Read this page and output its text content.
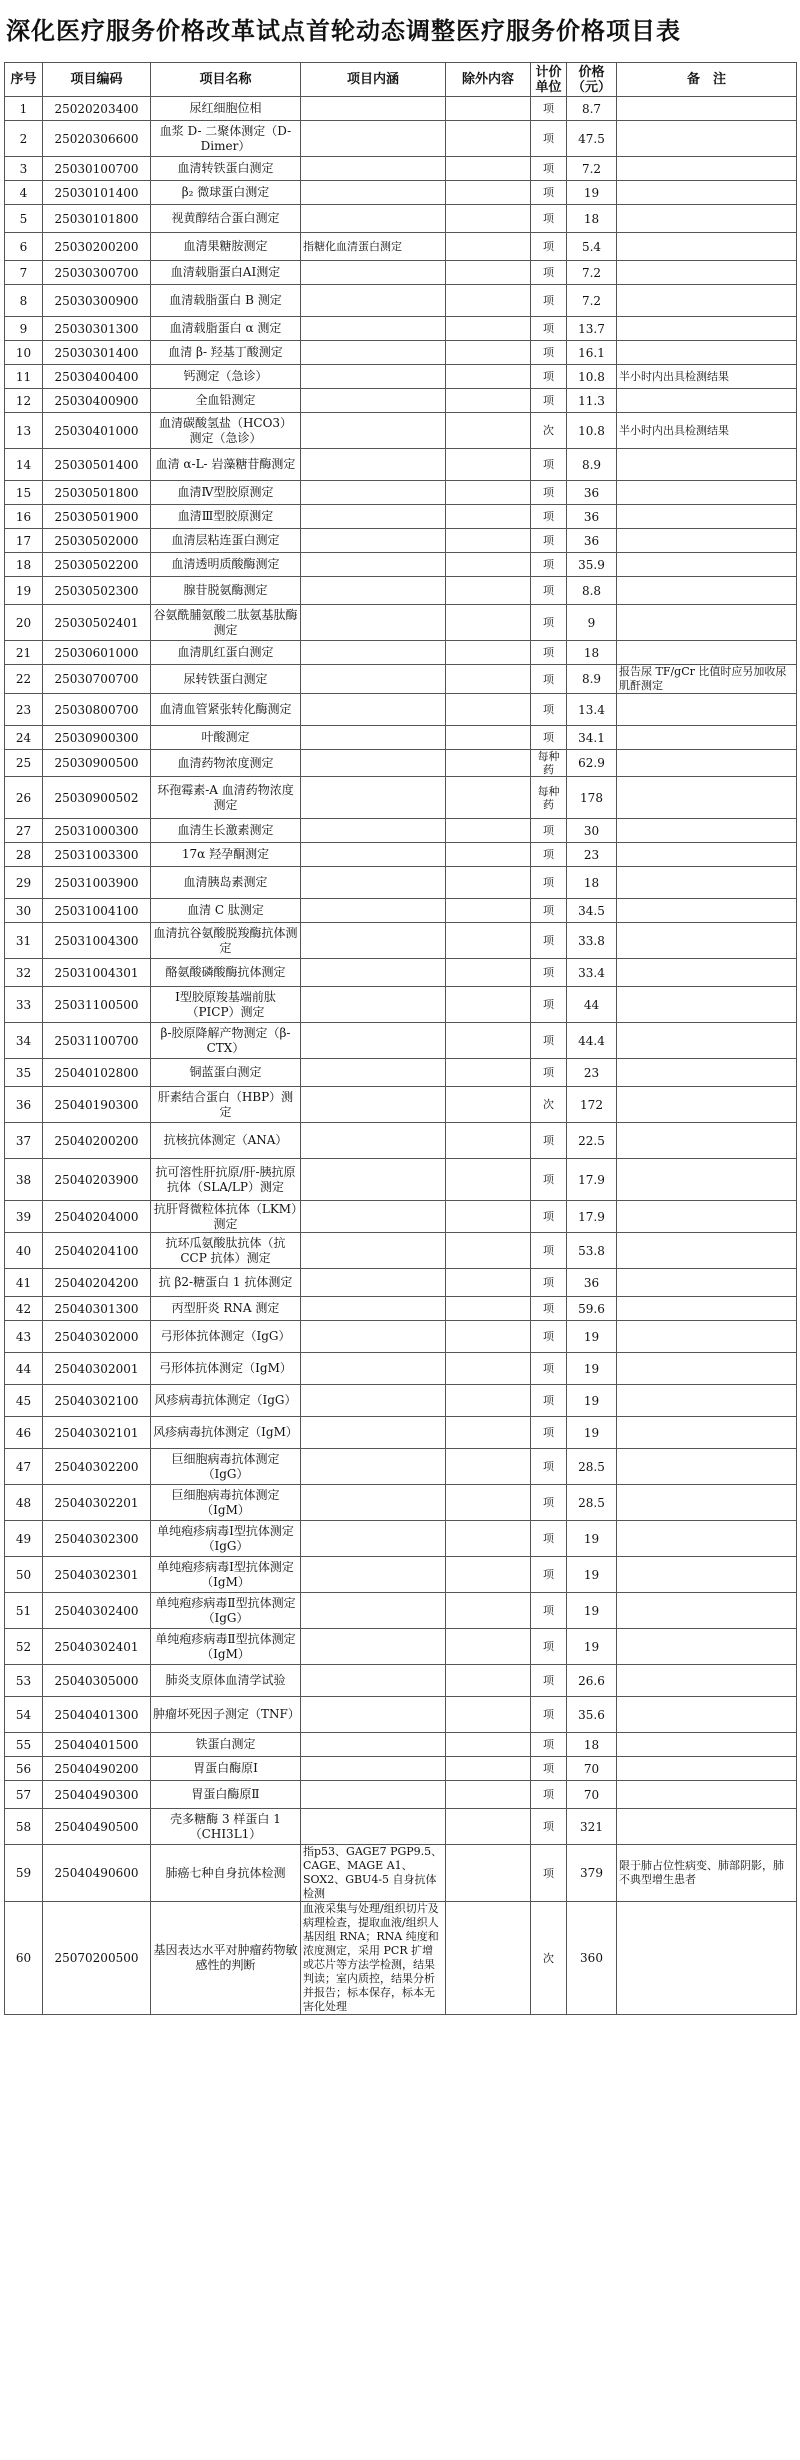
深化医疗服务价格改革试点首轮动态调整医疗服务价格项目表
序号	项目编码	项目名称	项目内涵	除外内容	计价单位	价格（元）	备　注
1	25020203400	尿红细胞位相			项	8.7	
2	25020306600	血浆 D- 二聚体测定（D-Dimer）			项	47.5	
3	25030100700	血清转铁蛋白测定			项	7.2	
4	25030101400	β₂ 微球蛋白测定			项	19	
5	25030101800	视黄醇结合蛋白测定			项	18	
6	25030200200	血清果糖胺测定	指糖化血清蛋白测定		项	5.4	
7	25030300700	血清载脂蛋白AI测定			项	7.2	
8	25030300900	血清载脂蛋白 B 测定			项	7.2	
9	25030301300	血清载脂蛋白 α 测定			项	13.7	
10	25030301400	血清 β- 羟基丁酸测定			项	16.1	
11	25030400400	钙测定（急诊）			项	10.8	半小时内出具检测结果
12	25030400900	全血铅测定			项	11.3	
13	25030401000	血清碳酸氢盐（HCO3）测定（急诊）			次	10.8	半小时内出具检测结果
14	25030501400	血清 α-L- 岩藻糖苷酶测定			项	8.9	
15	25030501800	血清Ⅳ型胶原测定			项	36	
16	25030501900	血清Ⅲ型胶原测定			项	36	
17	25030502000	血清层粘连蛋白测定			项	36	
18	25030502200	血清透明质酸酶测定			项	35.9	
19	25030502300	腺苷脱氨酶测定			项	8.8	
20	25030502401	谷氨酰脯氨酸二肽氨基肽酶测定			项	9	
21	25030601000	血清肌红蛋白测定			项	18	
22	25030700700	尿转铁蛋白测定			项	8.9	报告尿 TF/gCr 比值时应另加收尿肌酐测定
23	25030800700	血清血管紧张转化酶测定			项	13.4	
24	25030900300	叶酸测定			项	34.1	
25	25030900500	血清药物浓度测定			每种药	62.9	
26	25030900502	环孢霉素-A 血清药物浓度测定			每种药	178	
27	25031000300	血清生长激素测定			项	30	
28	25031003300	17α 羟孕酮测定			项	23	
29	25031003900	血清胰岛素测定			项	18	
30	25031004100	血清 C 肽测定			项	34.5	
31	25031004300	血清抗谷氨酸脱羧酶抗体测定			项	33.8	
32	25031004301	酪氨酸磷酸酶抗体测定			项	33.4	
33	25031100500	Ⅰ型胶原羧基端前肽（PICP）测定			项	44	
34	25031100700	β-胶原降解产物测定（β-CTX）			项	44.4	
35	25040102800	铜蓝蛋白测定			项	23	
36	25040190300	肝素结合蛋白（HBP）测定			次	172	
37	25040200200	抗核抗体测定（ANA）			项	22.5	
38	25040203900	抗可溶性肝抗原/肝-胰抗原抗体（SLA/LP）测定			项	17.9	
39	25040204000	抗肝肾微粒体抗体（LKM）测定			项	17.9	
40	25040204100	抗环瓜氨酸肽抗体（抗 CCP 抗体）测定			项	53.8	
41	25040204200	抗 β2-糖蛋白 1 抗体测定			项	36	
42	25040301300	丙型肝炎 RNA 测定			项	59.6	
43	25040302000	弓形体抗体测定（IgG）			项	19	
44	25040302001	弓形体抗体测定（IgM）			项	19	
45	25040302100	风疹病毒抗体测定（IgG）			项	19	
46	25040302101	风疹病毒抗体测定（IgM）			项	19	
47	25040302200	巨细胞病毒抗体测定（IgG）			项	28.5	
48	25040302201	巨细胞病毒抗体测定（IgM）			项	28.5	
49	25040302300	单纯疱疹病毒Ⅰ型抗体测定（IgG）			项	19	
50	25040302301	单纯疱疹病毒Ⅰ型抗体测定（IgM）			项	19	
51	25040302400	单纯疱疹病毒Ⅱ型抗体测定（IgG）			项	19	
52	25040302401	单纯疱疹病毒Ⅱ型抗体测定（IgM）			项	19	
53	25040305000	肺炎支原体血清学试验			项	26.6	
54	25040401300	肿瘤坏死因子测定（TNF）			项	35.6	
55	25040401500	铁蛋白测定			项	18	
56	25040490200	胃蛋白酶原Ⅰ			项	70	
57	25040490300	胃蛋白酶原Ⅱ			项	70	
58	25040490500	壳多糖酶 3 样蛋白 1（CHI3L1）			项	321	
59	25040490600	肺癌七种自身抗体检测	指p53、GAGE7 PGP9.5、CAGE、MAGE A1、SOX2、GBU4-5 自身抗体检测		项	379	限于肺占位性病变、肺部阴影，肺不典型增生患者
60	25070200500	基因表达水平对肿瘤药物敏感性的判断	血液采集与处理/组织切片及病理检查，提取血液/组织人基因组 RNA；RNA 纯度和浓度测定，采用 PCR 扩增或芯片等方法学检测，结果判读；室内质控，结果分析并报告；标本保存，标本无害化处理		次	360	
